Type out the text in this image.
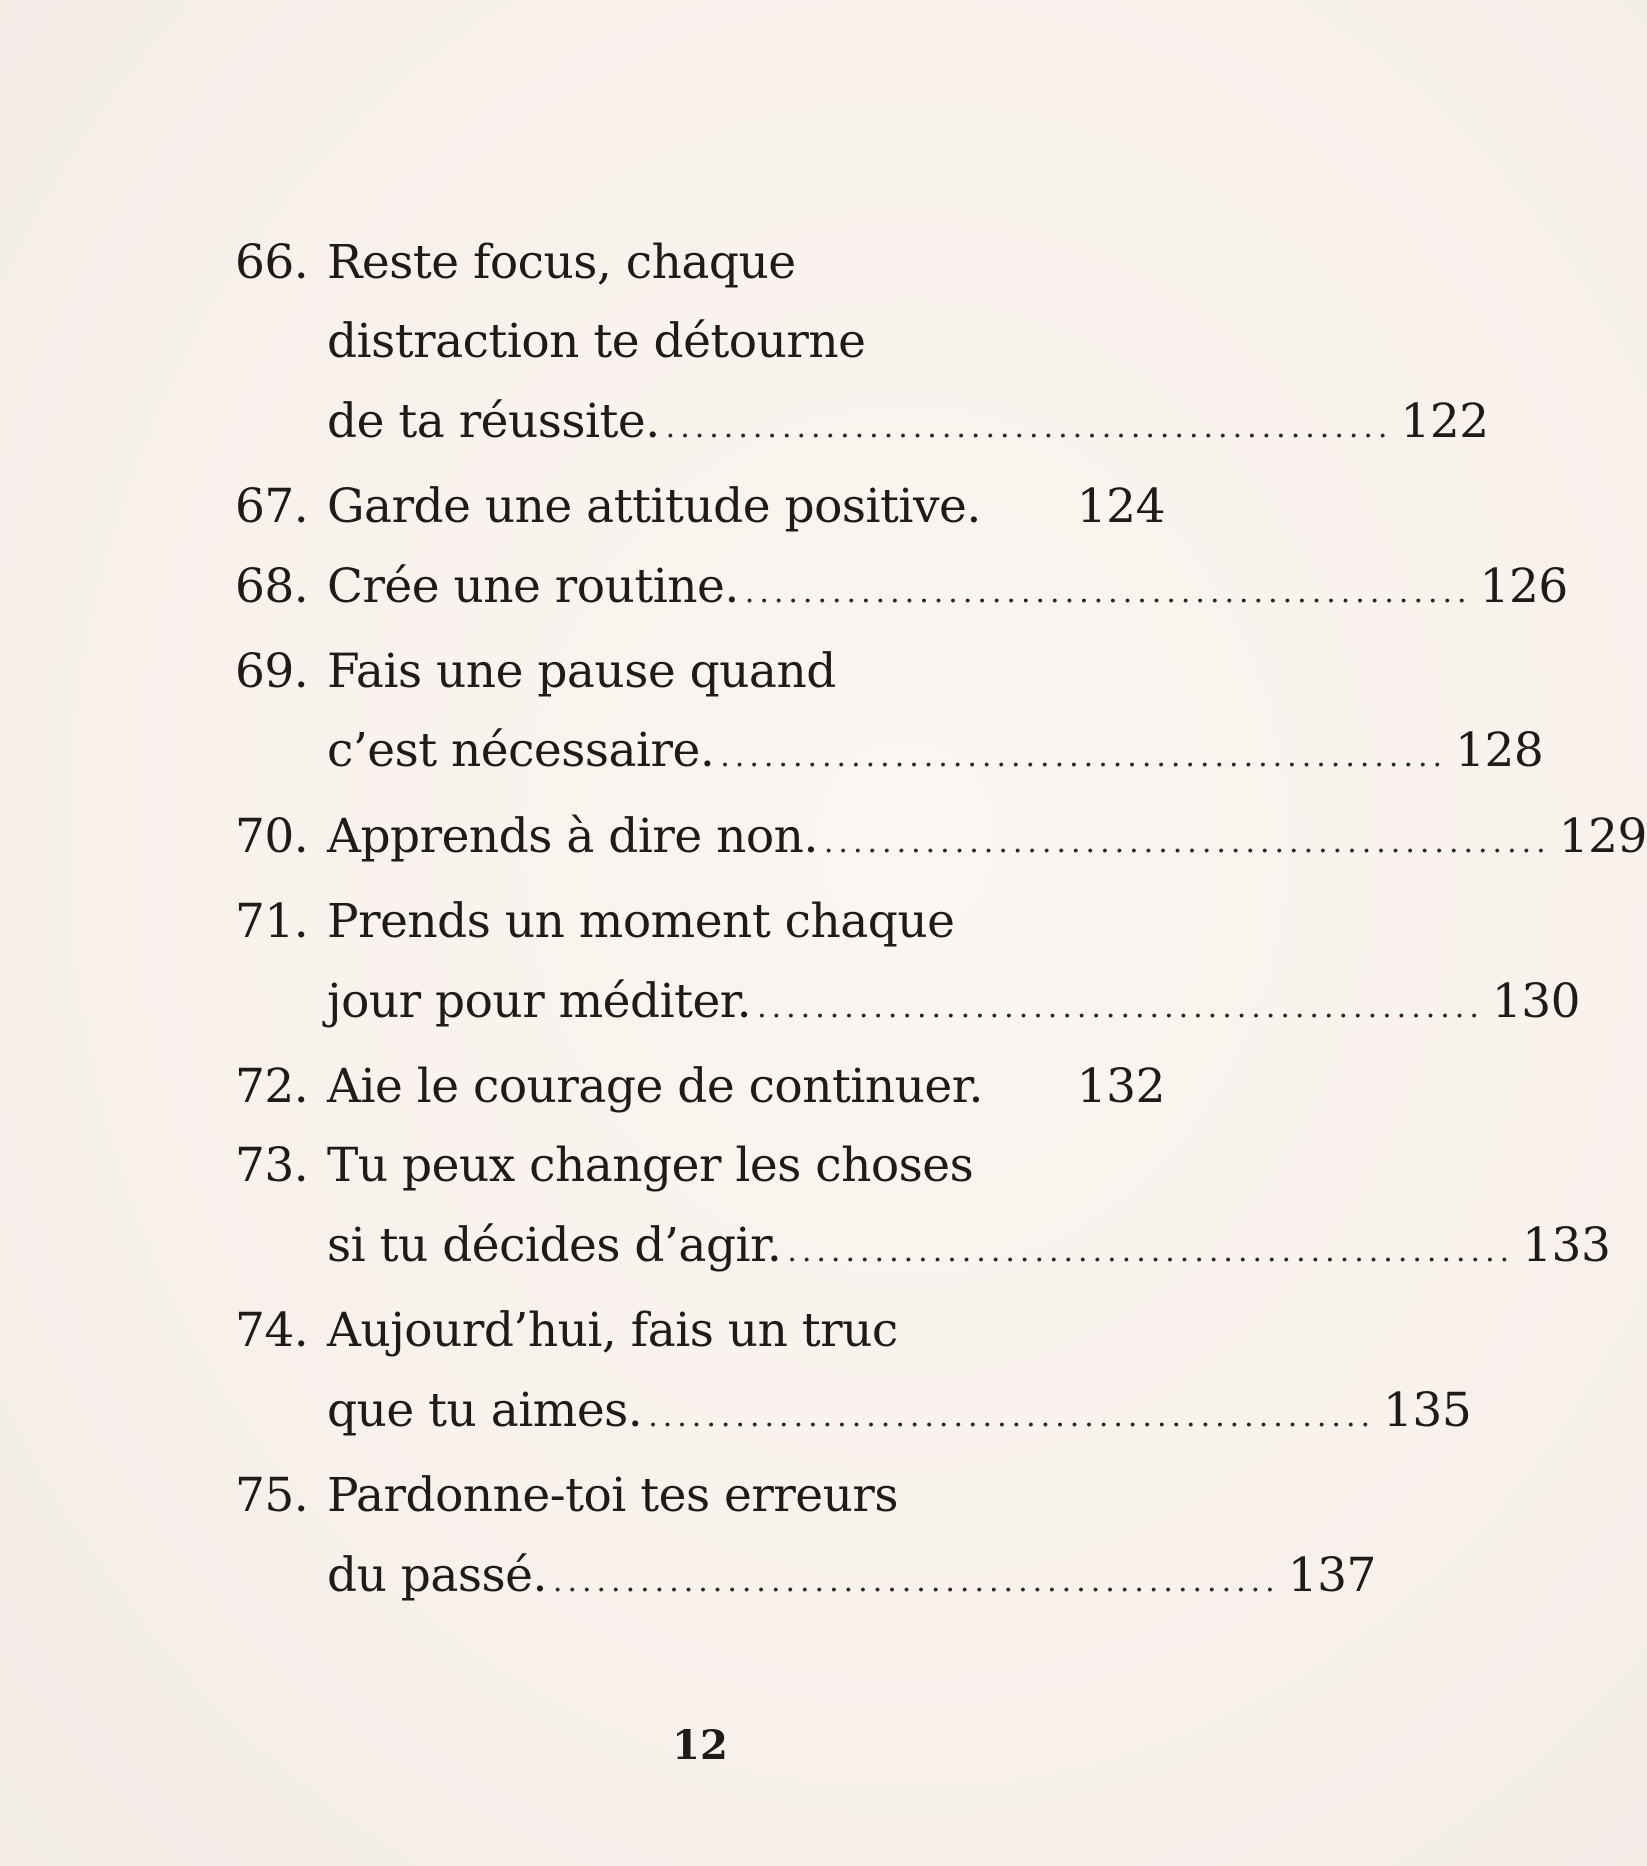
66. Reste focus, chaque
distraction te détourne
de ta réussite. .................................................. 122
67. Garde une attitude positive. 124
68. Crée une routine. .................................................. 126
69. Fais une pause quand
c’est nécessaire. .................................................. 128
70. Apprends à dire non. .................................................. 129
71. Prends un moment chaque
jour pour méditer. .................................................. 130
72. Aie le courage de continuer. 132
73. Tu peux changer les choses
si tu décides d’agir. .................................................. 133
74. Aujourd’hui, fais un truc
que tu aimes. .................................................. 135
75. Pardonne-toi tes erreurs
du passé. .................................................. 137
12
